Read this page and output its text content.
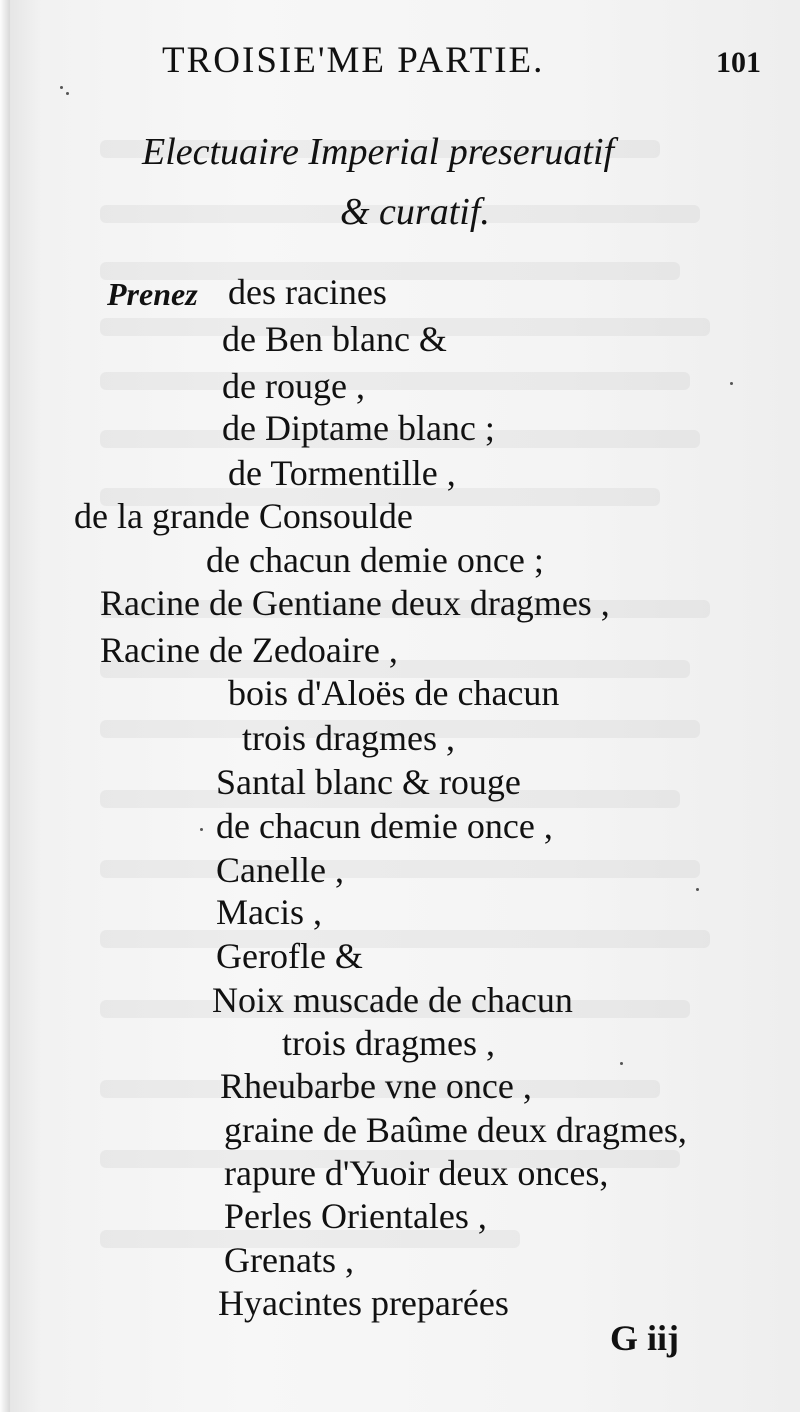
TROISIE'ME PARTIE.	101
Electuaire Imperial preseruatif
& curatif.
Prenez des racines
de Ben blanc &
de rouge ,
de Diptame blanc ;
de Tormentille ,
de la grande Consoulde
de chacun demie once ;
Racine de Gentiane deux dragmes ,
Racine de Zedoaire ,
bois d'Aloës de chacun
trois dragmes ,
Santal blanc & rouge
de chacun demie once ,
Canelle ,
Macis ,
Gerofle &
Noix muscade de chacun
trois dragmes ,
Rheubarbe vne once ,
graine de Baûme deux dragmes,
rapure d'Yuoir deux onces,
Perles Orientales ,
Grenats ,
Hyacintes preparées
G iij
